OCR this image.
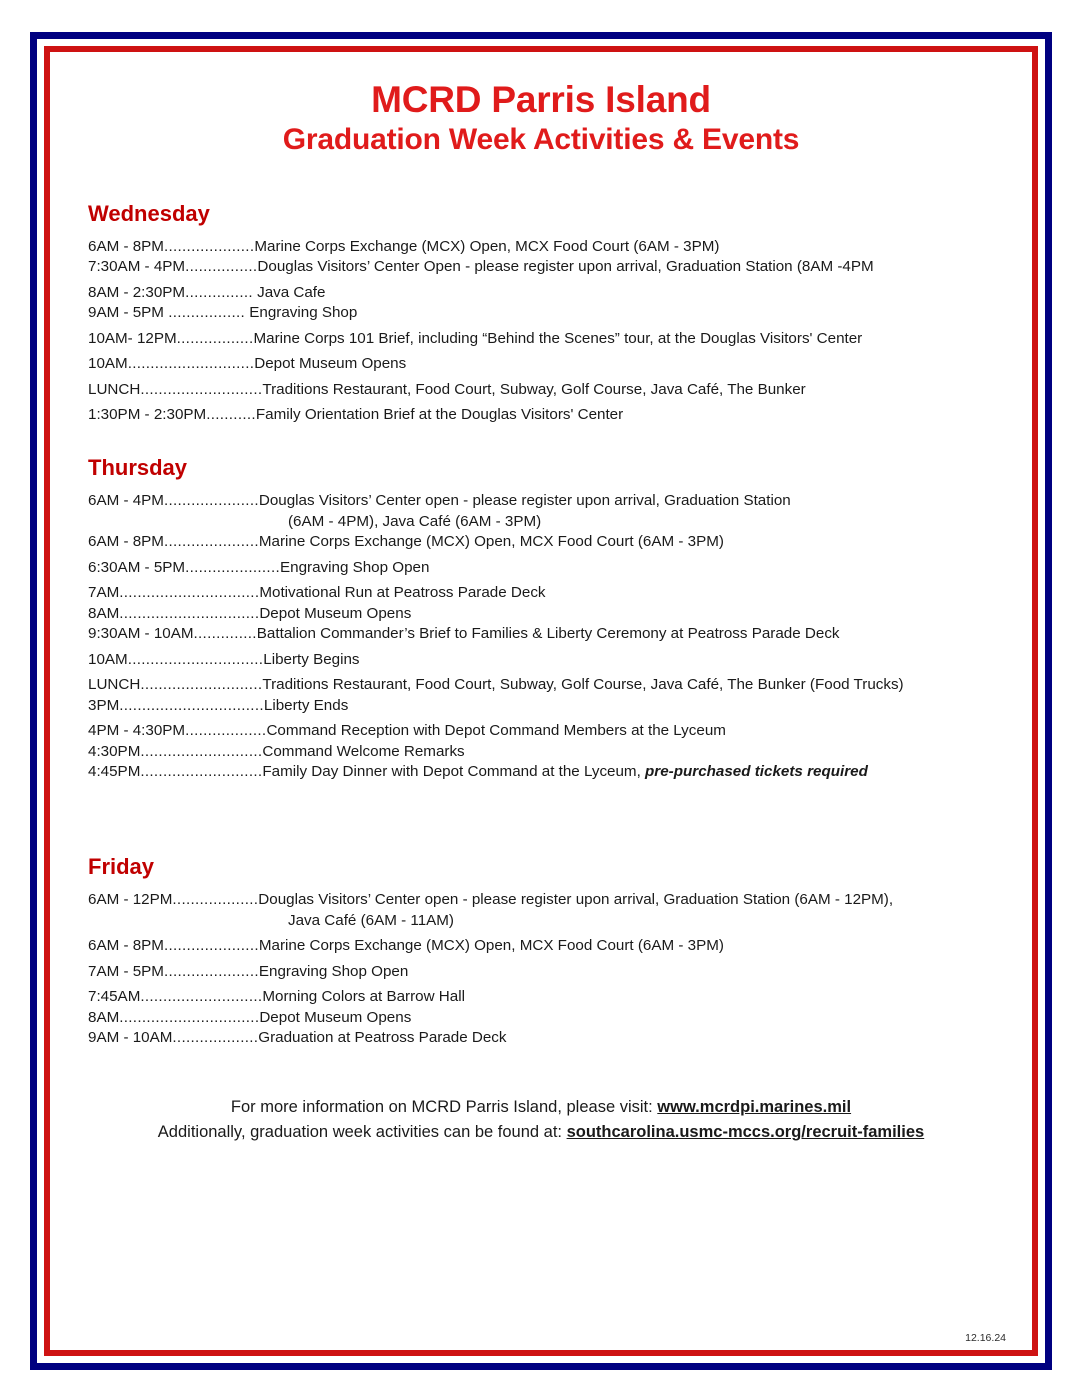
MCRD Parris Island
Graduation Week Activities & Events
Wednesday
6AM - 8PM....................Marine Corps Exchange (MCX) Open, MCX Food Court (6AM - 3PM)
7:30AM - 4PM................Douglas Visitors’ Center Open - please register upon arrival, Graduation Station (8AM -4PM
8AM - 2:30PM............... Java Cafe
9AM - 5PM ................. Engraving Shop
10AM- 12PM.................Marine Corps 101 Brief, including “Behind the Scenes” tour, at the Douglas Visitors' Center
10AM............................Depot Museum Opens
LUNCH...........................Traditions Restaurant, Food Court, Subway, Golf Course, Java Café, The Bunker
1:30PM - 2:30PM...........Family Orientation Brief at the Douglas Visitors' Center
Thursday
6AM - 4PM.....................Douglas Visitors’ Center open - please register upon arrival, Graduation Station
(6AM - 4PM), Java Café (6AM - 3PM)
6AM - 8PM.....................Marine Corps Exchange (MCX) Open, MCX Food Court (6AM - 3PM)
6:30AM - 5PM.....................Engraving Shop Open
7AM...............................Motivational Run at Peatross Parade Deck
8AM...............................Depot Museum Opens
9:30AM - 10AM..............Battalion Commander’s Brief to Families & Liberty Ceremony at Peatross Parade Deck
10AM..............................Liberty Begins
LUNCH...........................Traditions Restaurant, Food Court, Subway, Golf Course, Java Café, The Bunker (Food Trucks)
3PM................................Liberty Ends
4PM - 4:30PM..................Command Reception with Depot Command Members at the Lyceum
4:30PM...........................Command Welcome Remarks
4:45PM...........................Family Day Dinner with Depot Command at the Lyceum, pre-purchased tickets required
Friday
6AM - 12PM...................Douglas Visitors’ Center open - please register upon arrival, Graduation Station (6AM - 12PM),
Java Café (6AM - 11AM)
6AM - 8PM.....................Marine Corps Exchange (MCX) Open, MCX Food Court (6AM - 3PM)
7AM - 5PM.....................Engraving Shop Open
7:45AM...........................Morning Colors at Barrow Hall
8AM...............................Depot Museum Opens
9AM - 10AM...................Graduation at Peatross Parade Deck
For more information on MCRD Parris Island, please visit: www.mcrdpi.marines.mil
Additionally, graduation week activities can be found at: southcarolina.usmc-mccs.org/recruit-families
12.16.24
